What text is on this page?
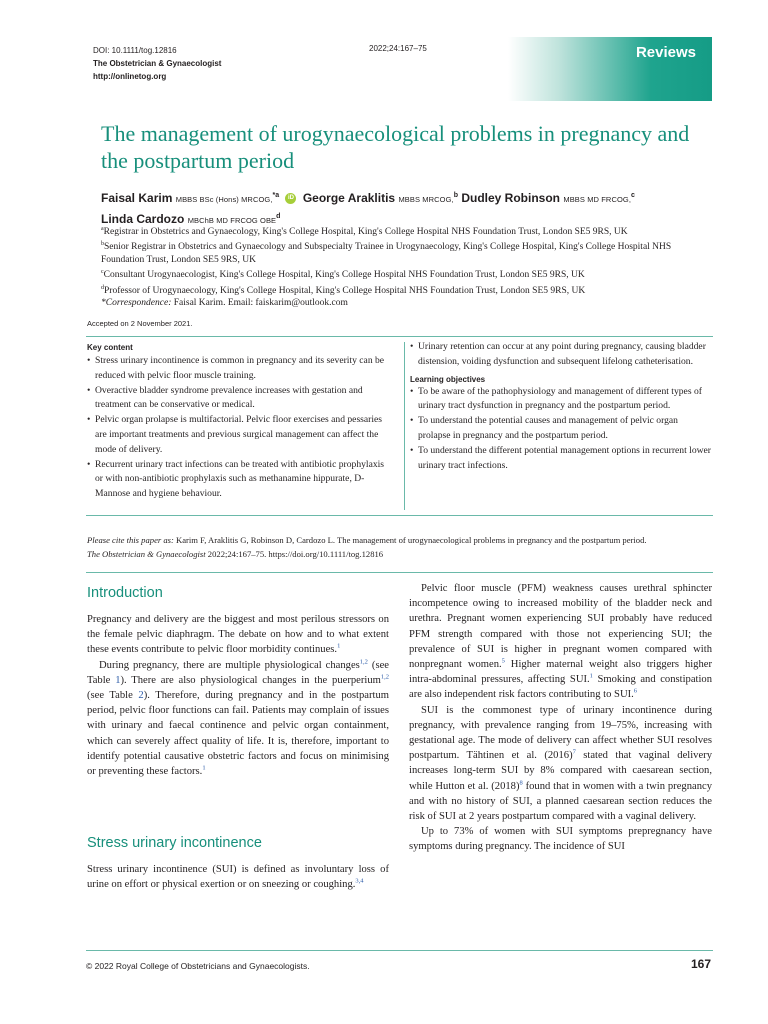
DOI: 10.1111/tog.12816
The Obstetrician & Gynaecologist
http://onlinetog.org
2022;24:167–75	Reviews
The management of urogynaecological problems in pregnancy and the postpartum period
Faisal Karim MBBS BSc (Hons) MRCOG,$^{*a}$ iD George Araklitis MBBS MRCOG,$^b$ Dudley Robinson MBBS MD FRCOG,$^c$
Linda Cardozo MBChB MD FRCOG OBE$^d$
$^a$Registrar in Obstetrics and Gynaecology, King's College Hospital, King's College Hospital NHS Foundation Trust, London SE5 9RS, UK
$^b$Senior Registrar in Obstetrics and Gynaecology and Subspecialty Trainee in Urogynaecology, King's College Hospital, King's College Hospital NHS Foundation Trust, London SE5 9RS, UK
$^c$Consultant Urogynaecologist, King's College Hospital, King's College Hospital NHS Foundation Trust, London SE5 9RS, UK
$^d$Professor of Urogynaecology, King's College Hospital, King's College Hospital NHS Foundation Trust, London SE5 9RS, UK
*Correspondence: Faisal Karim. Email: faiskarim@outlook.com
Accepted on 2 November 2021.
Key content
• Stress urinary incontinence is common in pregnancy and its severity can be reduced with pelvic floor muscle training.
• Overactive bladder syndrome prevalence increases with gestation and treatment can be conservative or medical.
• Pelvic organ prolapse is multifactorial. Pelvic floor exercises and pessaries are important treatments and previous surgical management can affect the mode of delivery.
• Recurrent urinary tract infections can be treated with antibiotic prophylaxis or with non-antibiotic prophylaxis such as methanamine hippurate, D-Mannose and hygiene behaviour.
• Urinary retention can occur at any point during pregnancy, causing bladder distension, voiding dysfunction and subsequent lifelong catheterisation.
Learning objectives
• To be aware of the pathophysiology and management of different types of urinary tract dysfunction in pregnancy and the postpartum period.
• To understand the potential causes and management of pelvic organ prolapse in pregnancy and the postpartum period.
• To understand the different potential management options in recurrent lower urinary tract infections.
Please cite this paper as: Karim F, Araklitis G, Robinson D, Cardozo L. The management of urogynaecological problems in pregnancy and the postpartum period.
The Obstetrician & Gynaecologist 2022;24:167–75. https://doi.org/10.1111/tog.12816
Introduction

Pregnancy and delivery are the biggest and most perilous stressors on the female pelvic diaphragm. The debate on how and to what extent these events contribute to pelvic floor morbidity continues.$^1$

During pregnancy, there are multiple physiological changes$^{1,2}$ (see Table 1). There are also physiological changes in the puerperium$^{1,2}$ (see Table 2). Therefore, during pregnancy and in the postpartum period, pelvic floor functions can fail. Patients may complain of issues with urinary and faecal continence and pelvic organ containment, which can severely affect quality of life. It is, therefore, important to identify potential causative obstetric factors and focus on minimising or preventing these factors.$^1$

Stress urinary incontinence

Stress urinary incontinence (SUI) is defined as involuntary loss of urine on effort or physical exertion or on sneezing or coughing.$^{3,4}$

Pelvic floor muscle (PFM) weakness causes urethral sphincter incompetence owing to increased mobility of the bladder neck and urethra. Pregnant women experiencing SUI probably have reduced PFM strength compared with those not experiencing SUI; the prevalence of SUI is higher in pregnant women compared with nonpregnant women.$^5$ Higher maternal weight also triggers higher intra-abdominal pressures, affecting SUI.$^1$ Smoking and constipation are also independent risk factors contributing to SUI.$^6$

SUI is the commonest type of urinary incontinence during pregnancy, with prevalence ranging from 19–75%, increasing with gestational age. The mode of delivery can affect whether SUI resolves postpartum. Tähtinen et al. $(2016)^7$ stated that vaginal delivery increases long-term SUI by 8% compared with caesarean section, while Hutton et al. $(2018)^8$ found that in women with a twin pregnancy and with no history of SUI, a planned caesarean section reduces the risk of SUI at 2 years postpartum compared with a vaginal delivery.

Up to 73% of women with SUI symptoms prepregnancy have symptoms during pregnancy. The incidence of SUI

© 2022 Royal College of Obstetricians and Gynaecologists.	167
